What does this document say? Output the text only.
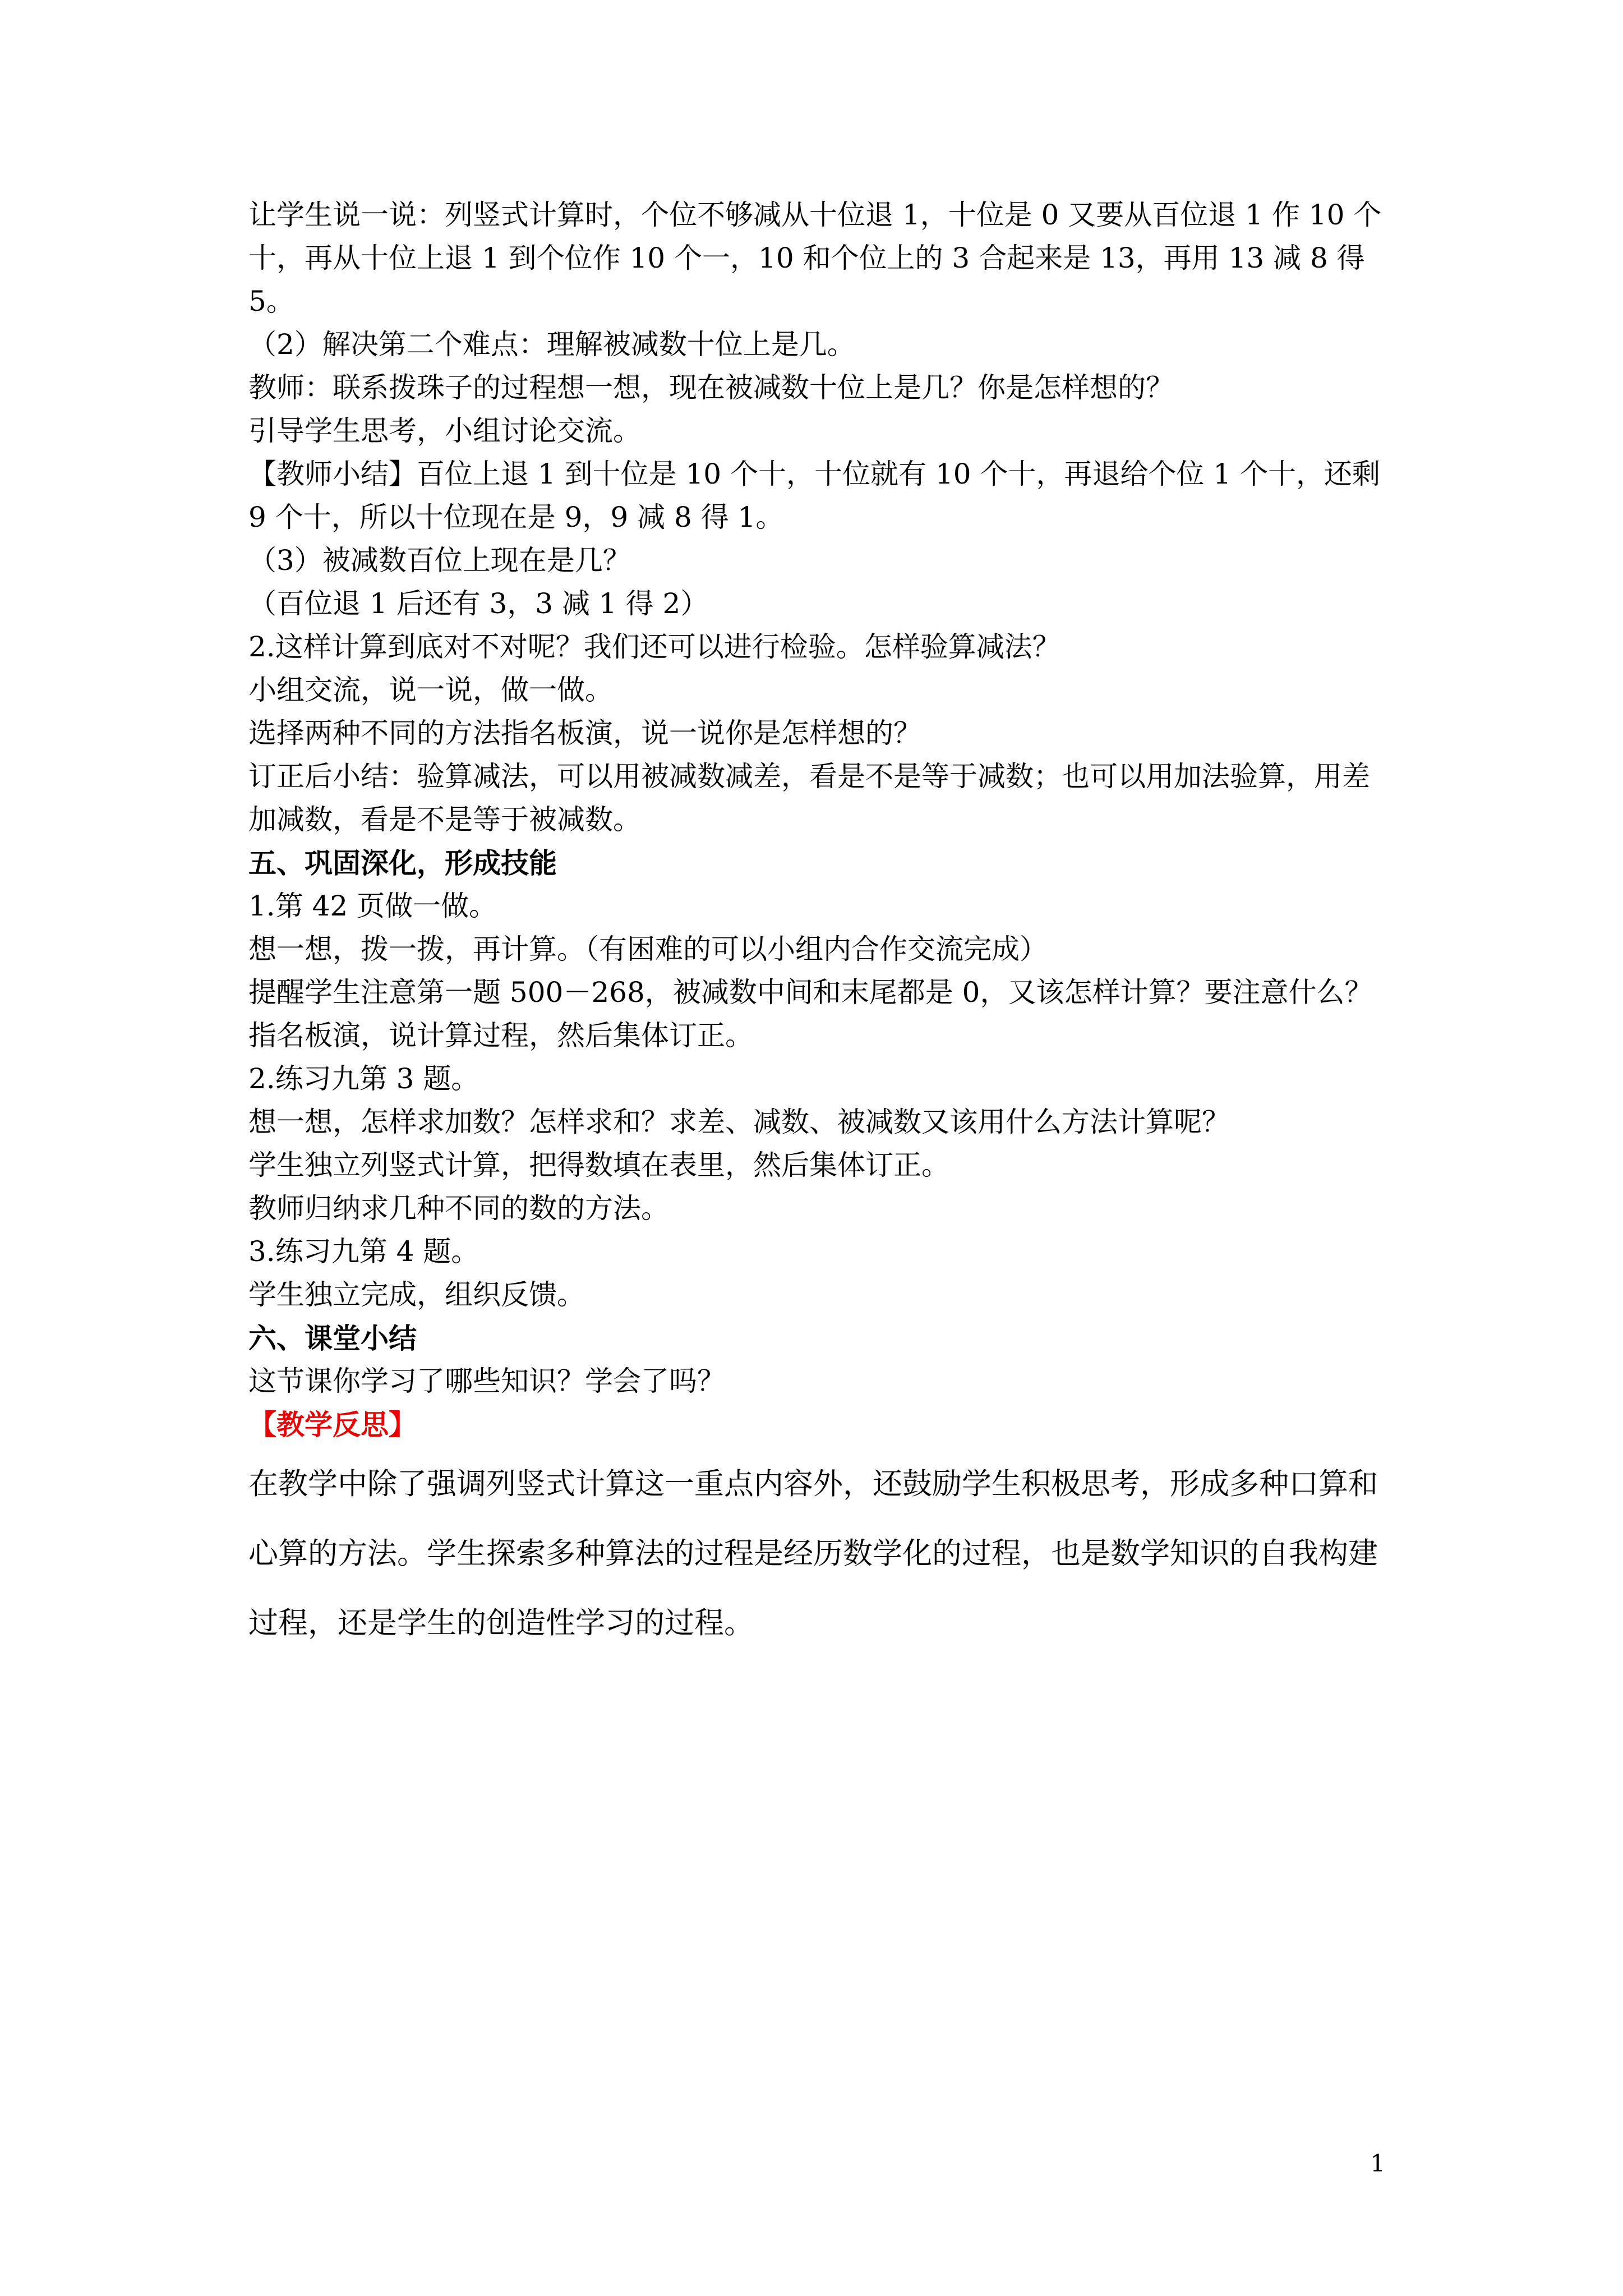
让学生说一说：列竖式计算时，个位不够减从十位退 1，十位是 0 又要从百位退 1 作 10 个十，再从十位上退 1 到个位作 10 个一，10 和个位上的 3 合起来是 13，再用 13 减 8 得 5。

（2）解决第二个难点：理解被减数十位上是几。

教师：联系拨珠子的过程想一想，现在被减数十位上是几？你是怎样想的？

引导学生思考，小组讨论交流。

【教师小结】百位上退 1 到十位是 10 个十，十位就有 10 个十，再退给个位 1 个十，还剩 9 个十，所以十位现在是 9，9 减 8 得 1。

（3）被减数百位上现在是几？

（百位退 1 后还有 3，3 减 1 得 2）

2.这样计算到底对不对呢？我们还可以进行检验。怎样验算减法？

小组交流，说一说，做一做。

选择两种不同的方法指名板演，说一说你是怎样想的？

订正后小结：验算减法，可以用被减数减差，看是不是等于减数；也可以用加法验算，用差加减数，看是不是等于被减数。

五、巩固深化，形成技能

1.第 42 页做一做。

想一想，拨一拨，再计算。（有困难的可以小组内合作交流完成）

提醒学生注意第一题 500－268，被减数中间和末尾都是 0，又该怎样计算？要注意什么？

指名板演，说计算过程，然后集体订正。

2.练习九第 3 题。

想一想，怎样求加数？怎样求和？求差、减数、被减数又该用什么方法计算呢？

学生独立列竖式计算，把得数填在表里，然后集体订正。

教师归纳求几种不同的数的方法。

3.练习九第 4 题。

学生独立完成，组织反馈。

六、课堂小结

这节课你学习了哪些知识？学会了吗？

【教学反思】

在教学中除了强调列竖式计算这一重点内容外，还鼓励学生积极思考，形成多种口算和心算的方法。学生探索多种算法的过程是经历数学化的过程，也是数学知识的自我构建过程，还是学生的创造性学习的过程。

1
